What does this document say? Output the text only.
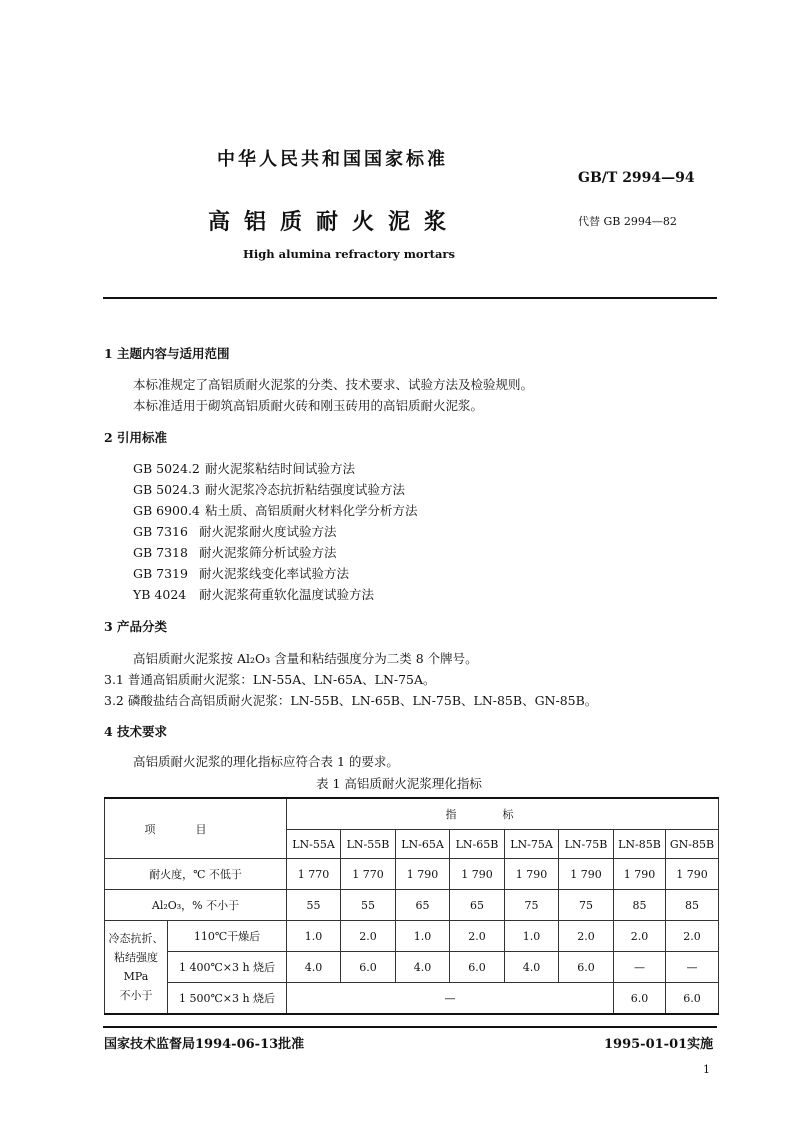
中华人民共和国国家标准
GB/T 2994—94
高铝质耐火泥浆	代替 GB 2994—82
High alumina refractory mortars
1 主题内容与适用范围
本标准规定了高铝质耐火泥浆的分类、技术要求、试验方法及检验规则。
本标准适用于砌筑高铝质耐火砖和刚玉砖用的高铝质耐火泥浆。
2 引用标准
GB 5024.2 耐火泥浆粘结时间试验方法
GB 5024.3 耐火泥浆冷态抗折粘结强度试验方法
GB 6900.4 粘土质、高铝质耐火材料化学分析方法
GB 7316 耐火泥浆耐火度试验方法
GB 7318 耐火泥浆筛分析试验方法
GB 7319 耐火泥浆线变化率试验方法
YB 4024 耐火泥浆荷重软化温度试验方法
3 产品分类
高铝质耐火泥浆按 Al₂O₃ 含量和粘结强度分为二类 8 个牌号。
3.1 普通高铝质耐火泥浆：LN-55A、LN-65A、LN-75A。
3.2 磷酸盐结合高铝质耐火泥浆：LN-55B、LN-65B、LN-75B、LN-85B、GN-85B。
4 技术要求
高铝质耐火泥浆的理化指标应符合表 1 的要求。
表 1 高铝质耐火泥浆理化指标
项目		指标							
		LN-55A	LN-55B	LN-65A	LN-65B	LN-75A	LN-75B	LN-85B	GN-85B
耐火度，℃ 不低于		1 770	1 770	1 790	1 790	1 790	1 790	1 790	1 790
Al₂O₃，% 不小于		55	55	65	65	75	75	85	85

冷态抗折、
粘结强度
MPa
不小于	110℃干燥后	1.0	2.0	1.0	2.0	1.0	2.0	2.0	2.0
	1 400℃×3 h 烧后	4.0	6.0	4.0	6.0	4.0	6.0	—	—
	1 500℃×3 h 烧后	—						6.0	6.0
国家技术监督局1994-06-13批准	1995-01-01实施
1
